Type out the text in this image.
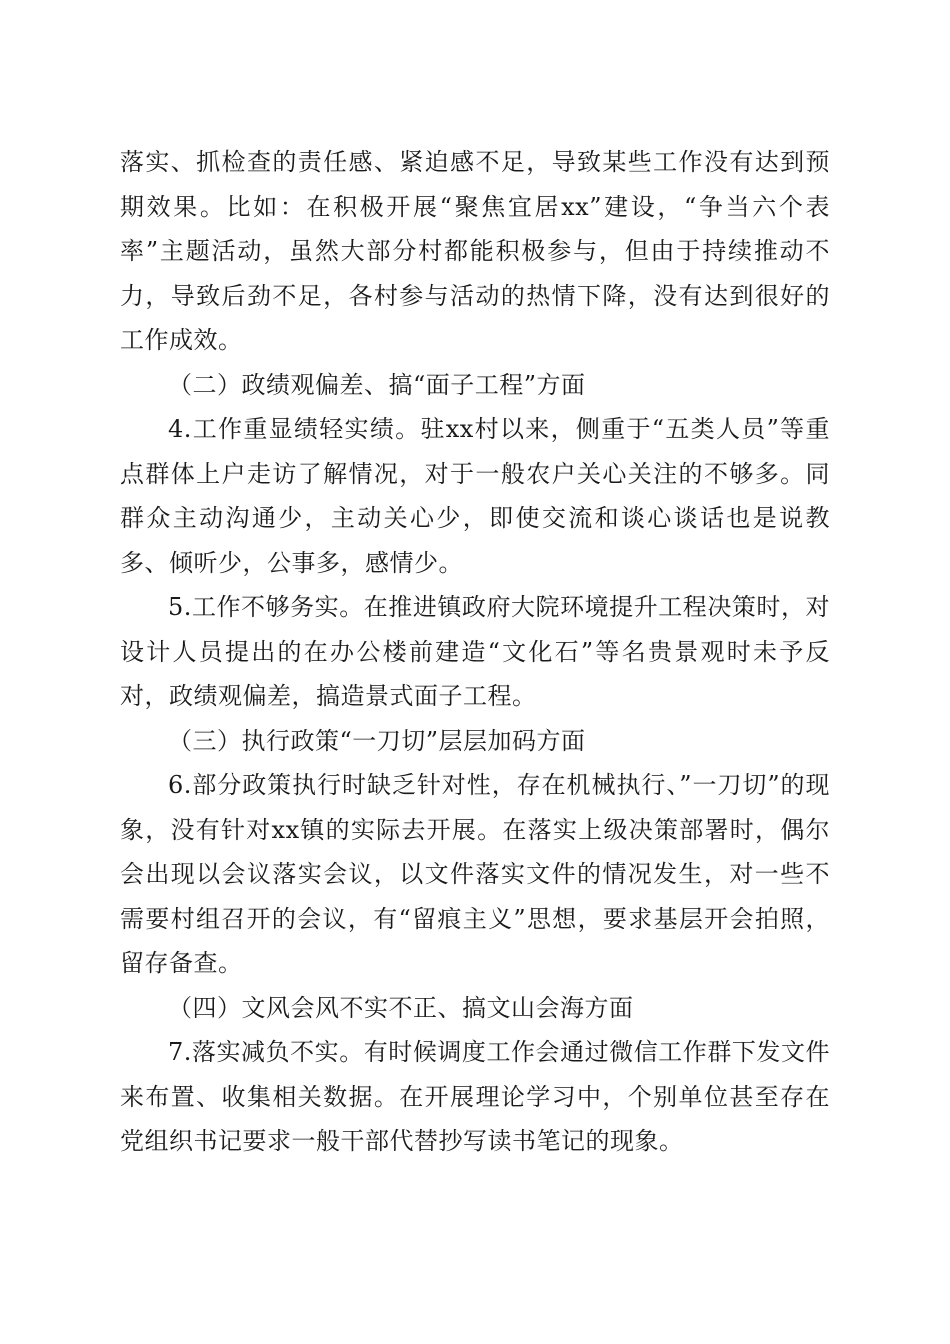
落实、抓检查的责任感、紧迫感不足，导致某些工作没有达到预期效果。比如：在积极开展“聚焦宜居xx”建设，“争当六个表率”主题活动，虽然大部分村都能积极参与，但由于持续推动不力，导致后劲不足，各村参与活动的热情下降，没有达到很好的工作成效。

（二）政绩观偏差、搞“面子工程”方面

4.工作重显绩轻实绩。驻xx村以来，侧重于“五类人员”等重点群体上户走访了解情况，对于一般农户关心关注的不够多。同群众主动沟通少，主动关心少，即使交流和谈心谈话也是说教多、倾听少，公事多，感情少。

5.工作不够务实。在推进镇政府大院环境提升工程决策时，对设计人员提出的在办公楼前建造“文化石”等名贵景观时未予反对，政绩观偏差，搞造景式面子工程。

（三）执行政策“一刀切”层层加码方面

6.部分政策执行时缺乏针对性，存在机械执行、”一刀切”的现象，没有针对xx镇的实际去开展。在落实上级决策部署时，偶尔会出现以会议落实会议，以文件落实文件的情况发生，对一些不需要村组召开的会议，有“留痕主义”思想，要求基层开会拍照，留存备查。

（四）文风会风不实不正、搞文山会海方面

7.落实减负不实。有时候调度工作会通过微信工作群下发文件来布置、收集相关数据。在开展理论学习中，个别单位甚至存在党组织书记要求一般干部代替抄写读书笔记的现象。
